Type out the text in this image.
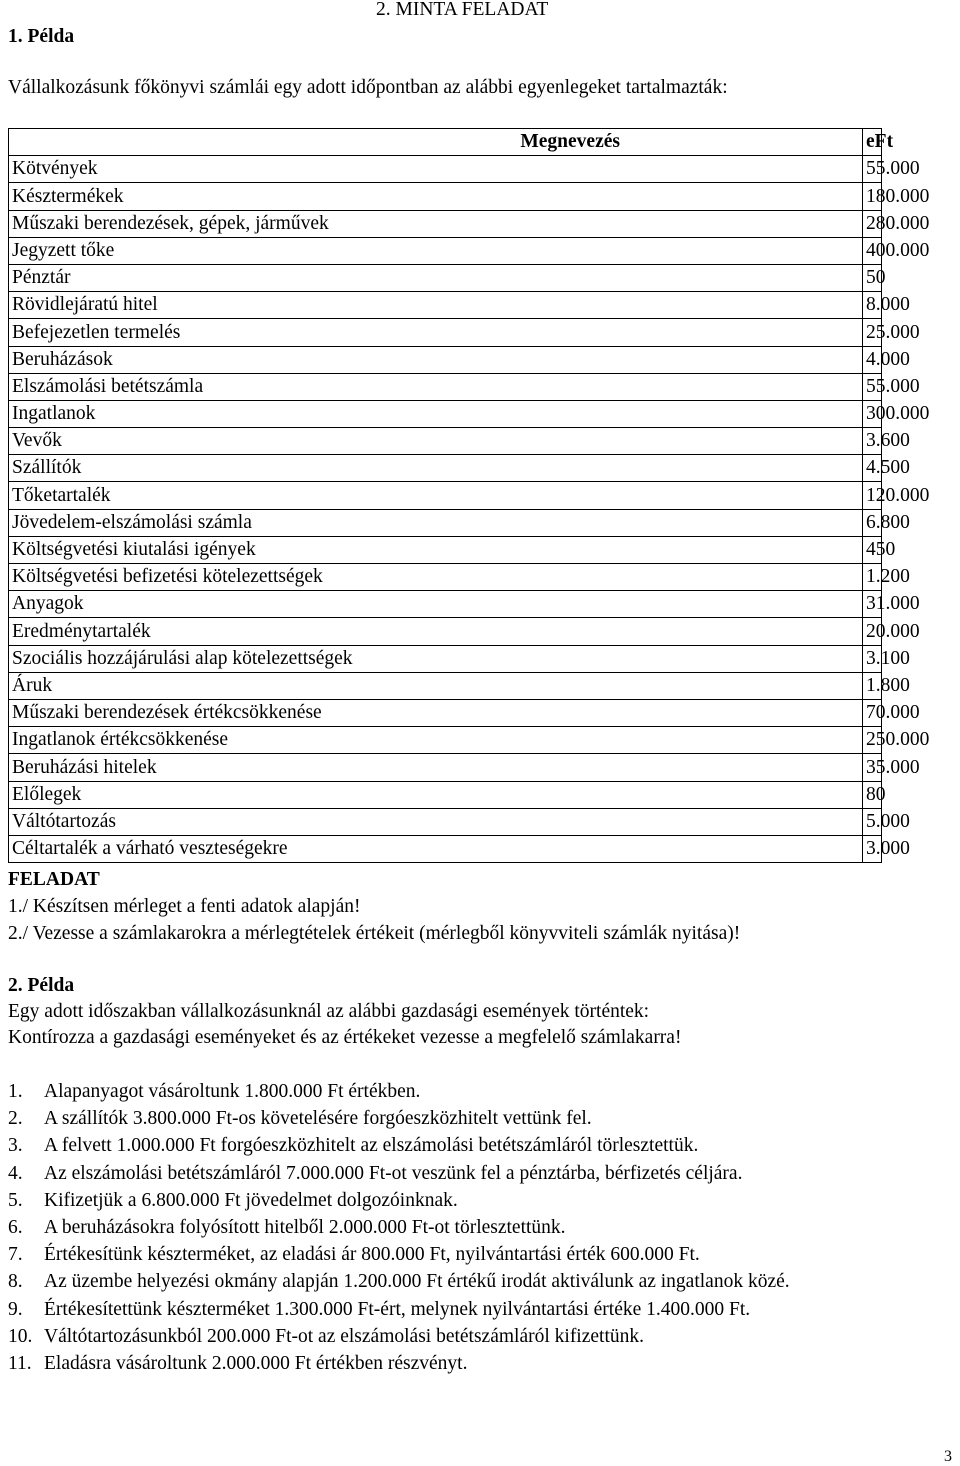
1. Példa
2. MINTA FELADAT
Vállalkozásunk főkönyvi számlái egy adott időpontban az alábbi egyenlegeket tartalmazták:
Megnevezés	eFt
Kötvények	55.000
Késztermékek	180.000
Műszaki berendezések, gépek, járművek	280.000
Jegyzett tőke	400.000
Pénztár	50
Rövidlejáratú hitel	8.000
Befejezetlen termelés	25.000
Beruházások	4.000
Elszámolási betétszámla	55.000
Ingatlanok	300.000
Vevők	3.600
Szállítók	4.500
Tőketartalék	120.000
Jövedelem-elszámolási számla	6.800
Költségvetési kiutalási igények	450
Költségvetési befizetési kötelezettségek	1.200
Anyagok	31.000
Eredménytartalék	20.000
Szociális hozzájárulási alap kötelezettségek	3.100
Áruk	1.800
Műszaki berendezések értékcsökkenése	70.000
Ingatlanok értékcsökkenése	250.000
Beruházási hitelek	35.000
Előlegek	80
Váltótartozás	5.000
Céltartalék a várható veszteségekre	3.000
FELADAT
1./ Készítsen mérleget a fenti adatok alapján!
2./ Vezesse a számlakarokra a mérlegtételek értékeit (mérlegből könyvviteli számlák nyitása)!
2. Példa
Egy adott időszakban vállalkozásunknál az alábbi gazdasági események történtek:
Kontírozza a gazdasági eseményeket és az értékeket vezesse a megfelelő számlakarra!
1. Alapanyagot vásároltunk 1.800.000 Ft értékben.
2. A szállítók 3.800.000 Ft-os követelésére forgóeszközhitelt vettünk fel.
3. A felvett 1.000.000 Ft forgóeszközhitelt az elszámolási betétszámláról törlesztettük.
4. Az elszámolási betétszámláról 7.000.000 Ft-ot veszünk fel a pénztárba, bérfizetés céljára.
5. Kifizetjük a 6.800.000 Ft jövedelmet dolgozóinknak.
6. A beruházásokra folyósított hitelből 2.000.000 Ft-ot törlesztettünk.
7. Értékesítünk készterméket, az eladási ár 800.000 Ft, nyilvántartási érték 600.000 Ft.
8. Az üzembe helyezési okmány alapján 1.200.000 Ft értékű irodát aktiválunk az ingatlanok közé.
9. Értékesítettünk készterméket 1.300.000 Ft-ért, melynek nyilvántartási értéke 1.400.000 Ft.
10. Váltótartozásunkból 200.000 Ft-ot az elszámolási betétszámláról kifizettünk.
11. Eladásra vásároltunk 2.000.000 Ft értékben részvényt.
3
